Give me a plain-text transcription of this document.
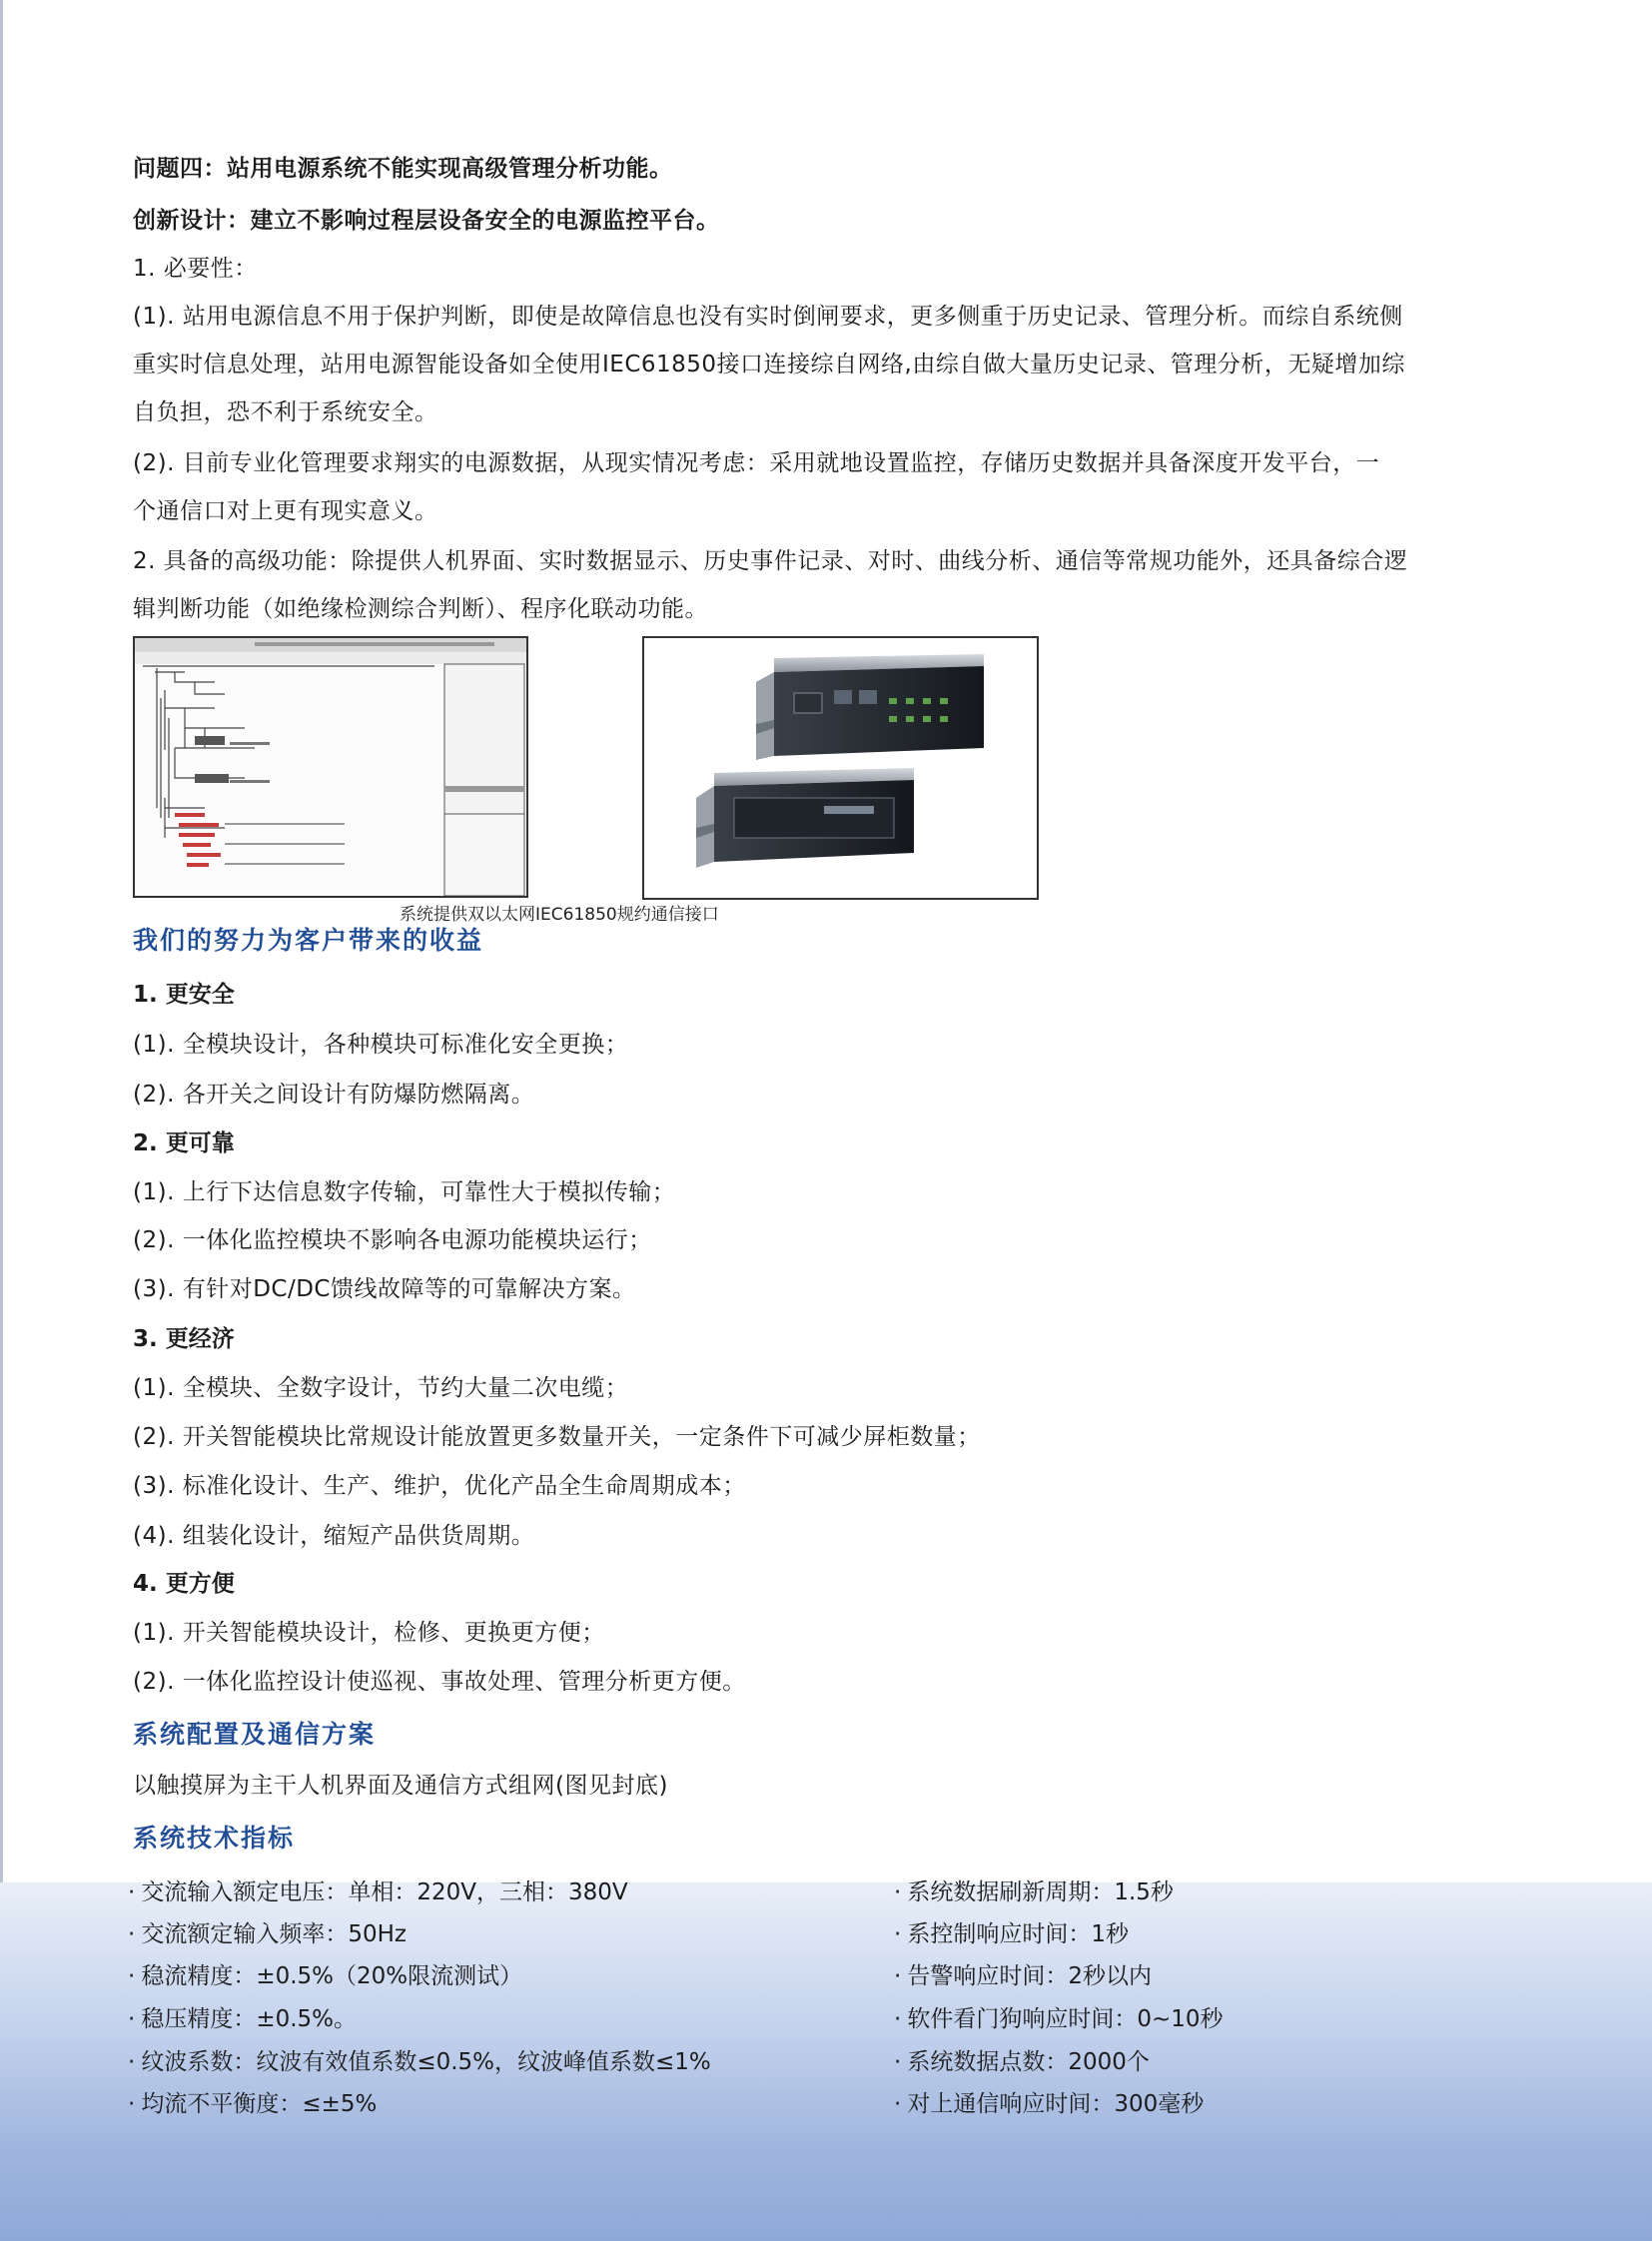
问题四：站用电源系统不能实现高级管理分析功能。
创新设计：建立不影响过程层设备安全的电源监控平台。
1. 必要性：
(1). 站用电源信息不用于保护判断，即使是故障信息也没有实时倒闸要求，更多侧重于历史记录、管理分析。而综自系统侧
重实时信息处理，站用电源智能设备如全使用IEC61850接口连接综自网络,由综自做大量历史记录、管理分析，无疑增加综
自负担，恐不利于系统安全。
(2). 目前专业化管理要求翔实的电源数据，从现实情况考虑：采用就地设置监控，存储历史数据并具备深度开发平台，一
个通信口对上更有现实意义。
2. 具备的高级功能：除提供人机界面、实时数据显示、历史事件记录、对时、曲线分析、通信等常规功能外，还具备综合逻
辑判断功能（如绝缘检测综合判断）、程序化联动功能。
系统提供双以太网IEC61850规约通信接口
我们的努力为客户带来的收益
1. 更安全
(1). 全模块设计，各种模块可标准化安全更换；
(2). 各开关之间设计有防爆防燃隔离。
2. 更可靠
(1). 上行下达信息数字传输，可靠性大于模拟传输；
(2). 一体化监控模块不影响各电源功能模块运行；
(3). 有针对DC/DC馈线故障等的可靠解决方案。
3. 更经济
(1). 全模块、全数字设计，节约大量二次电缆；
(2). 开关智能模块比常规设计能放置更多数量开关，一定条件下可减少屏柜数量；
(3). 标准化设计、生产、维护，优化产品全生命周期成本；
(4). 组装化设计，缩短产品供货周期。
4. 更方便
(1). 开关智能模块设计，检修、更换更方便；
(2). 一体化监控设计使巡视、事故处理、管理分析更方便。
系统配置及通信方案
以触摸屏为主干人机界面及通信方式组网(图见封底)
系统技术指标
· 交流输入额定电压：单相：220V，三相：380V
· 交流额定输入频率：50Hz
· 稳流精度：±0.5%（20%限流测试）
· 稳压精度：±0.5%。
· 纹波系数：纹波有效值系数≤0.5%，纹波峰值系数≤1%
· 均流不平衡度：≤±5%
· 系统数据刷新周期：1.5秒
· 系控制响应时间：1秒
· 告警响应时间：2秒以内
· 软件看门狗响应时间：0~10秒
· 系统数据点数：2000个
· 对上通信响应时间：300毫秒
